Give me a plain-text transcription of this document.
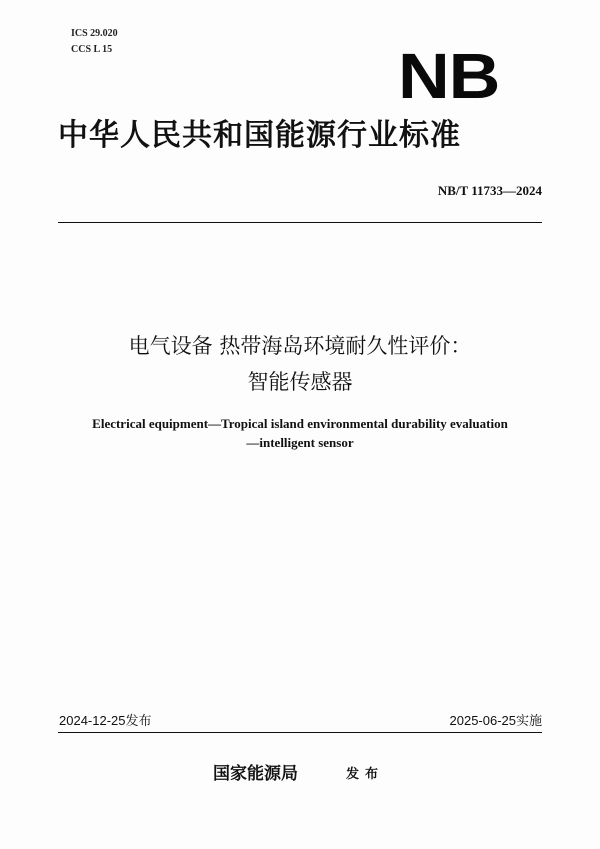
ICS 29.020
CCS L 15	NB
中华人民共和国能源行业标准
NB/T 11733—2024
电气设备 热带海岛环境耐久性评价：
智能传感器
Electrical equipment—Tropical island environmental durability evaluation
—intelligent sensor
2024-12-25发布	2025-06-25实施
国家能源局	发布
